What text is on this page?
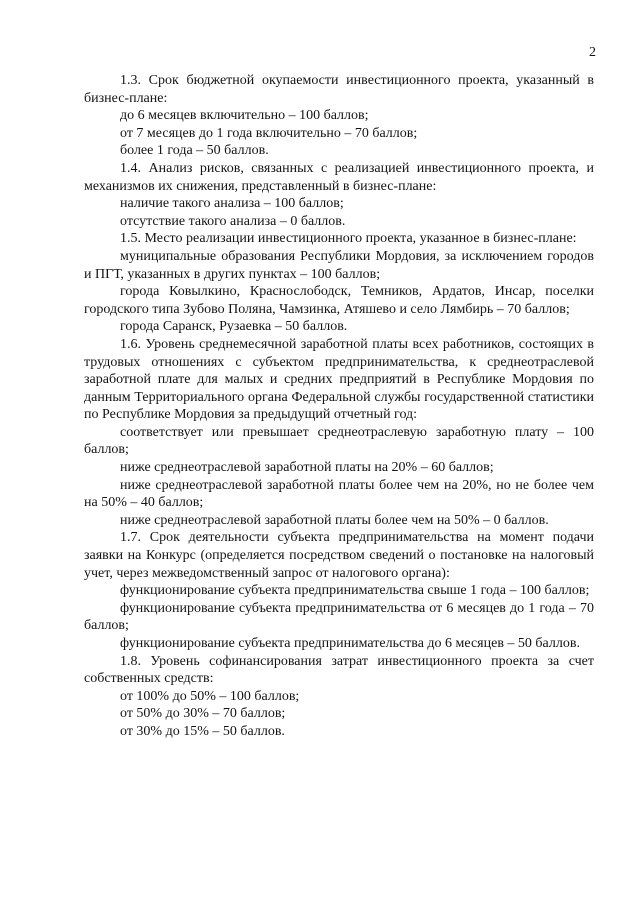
2

1.3. Срок бюджетной окупаемости инвестиционного проекта, указанный в бизнес-плане:

до 6 месяцев включительно – 100 баллов;

от 7 месяцев до 1 года включительно – 70 баллов;

более 1 года – 50 баллов.

1.4. Анализ рисков, связанных с реализацией инвестиционного проекта, и механизмов их снижения, представленный в бизнес-плане:

наличие такого анализа – 100 баллов;

отсутствие такого анализа – 0 баллов.

1.5. Место реализации инвестиционного проекта, указанное в бизнес-плане:

муниципальные образования Республики Мордовия, за исключением городов и ПГТ, указанных в других пунктах – 100 баллов;

города Ковылкино, Краснослободск, Темников, Ардатов, Инсар, поселки городского типа Зубово Поляна, Чамзинка, Атяшево и село Лямбирь – 70 баллов;

города Саранск, Рузаевка – 50 баллов.

1.6. Уровень среднемесячной заработной платы всех работников, состоящих в трудовых отношениях с субъектом предпринимательства, к среднеотраслевой заработной плате для малых и средних предприятий в Республике Мордовия по данным Территориального органа Федеральной службы государственной статистики по Республике Мордовия за предыдущий отчетный год:

соответствует или превышает среднеотраслевую заработную плату – 100 баллов;

ниже среднеотраслевой заработной платы на 20% – 60 баллов;

ниже среднеотраслевой заработной платы более чем на 20%, но не более чем на 50% – 40 баллов;

ниже среднеотраслевой заработной платы более чем на 50% – 0 баллов.

1.7. Срок деятельности субъекта предпринимательства на момент подачи заявки на Конкурс (определяется посредством сведений о постановке на налоговый учет, через межведомственный запрос от налогового органа):

функционирование субъекта предпринимательства свыше 1 года – 100 баллов;

функционирование субъекта предпринимательства от 6 месяцев до 1 года – 70 баллов;

функционирование субъекта предпринимательства до 6 месяцев – 50 баллов.

1.8. Уровень софинансирования затрат инвестиционного проекта за счет собственных средств:

от 100% до 50% – 100 баллов;

от 50% до 30% – 70 баллов;

от 30% до 15% – 50 баллов.
